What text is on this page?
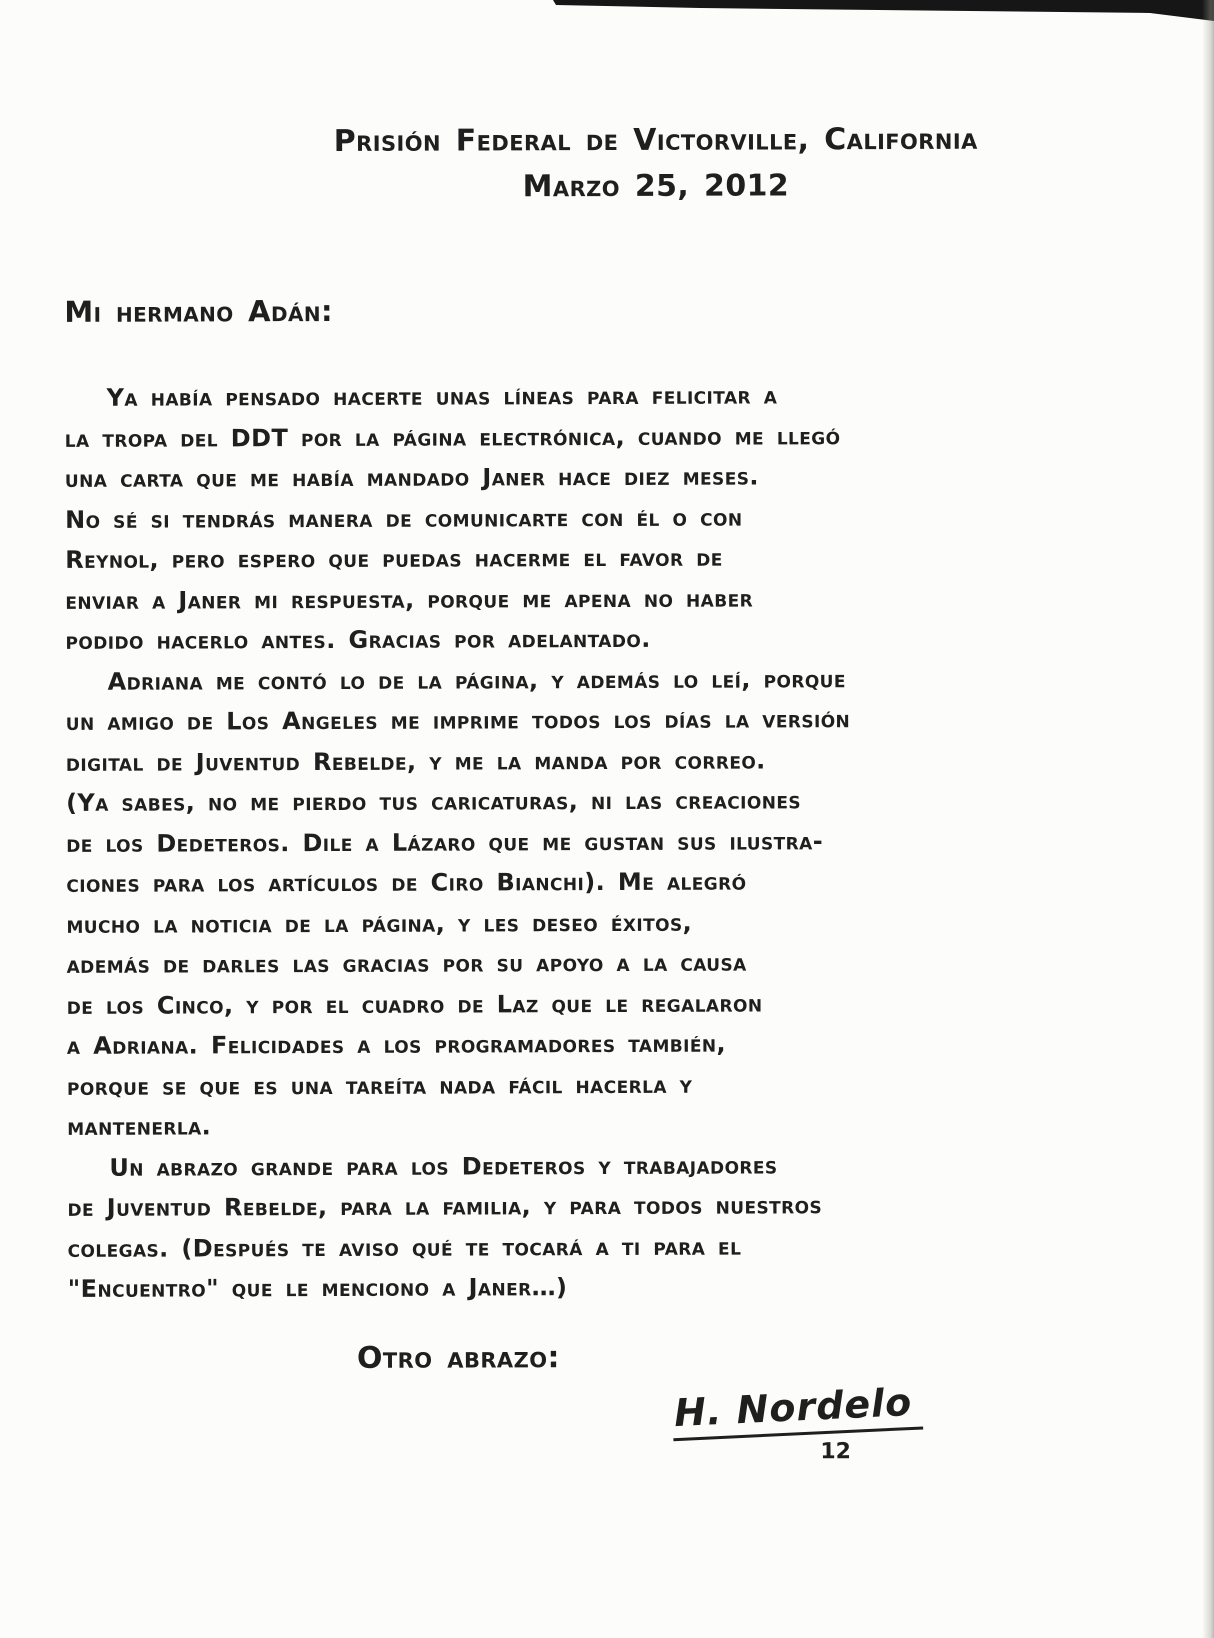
Prisión Federal de Victorville, California
Marzo 25, 2012
Mi hermano Adán:
Ya había pensado hacerte unas líneas para felicitar a
la tropa del DDT por la página electrónica, cuando me llegó
una carta que me había mandado Janer hace diez meses.
No sé si tendrás manera de comunicarte con él o con
Reynol, pero espero que puedas hacerme el favor de
enviar a Janer mi respuesta, porque me apena no haber
podido hacerlo antes. Gracias por adelantado.
Adriana me contó lo de la página, y además lo leí, porque
un amigo de Los Angeles me imprime todos los días la versión
digital de Juventud Rebelde, y me la manda por correo.
(Ya sabes, no me pierdo tus caricaturas, ni las creaciones
de los Dedeteros. Dile a Lázaro que me gustan sus ilustra-
ciones para los artículos de Ciro Bianchi). Me alegró
mucho la noticia de la página, y les deseo éxitos,
además de darles las gracias por su apoyo a la causa
de los Cinco, y por el cuadro de Laz que le regalaron
a Adriana. Felicidades a los programadores también,
porque se que es una tareíta nada fácil hacerla y
mantenerla.
Un abrazo grande para los Dedeteros y trabajadores
de Juventud Rebelde, para la familia, y para todos nuestros
colegas. (Después te aviso qué te tocará a ti para el
"Encuentro" que le menciono a Janer…)
Otro abrazo:
H. Nordelo
12
